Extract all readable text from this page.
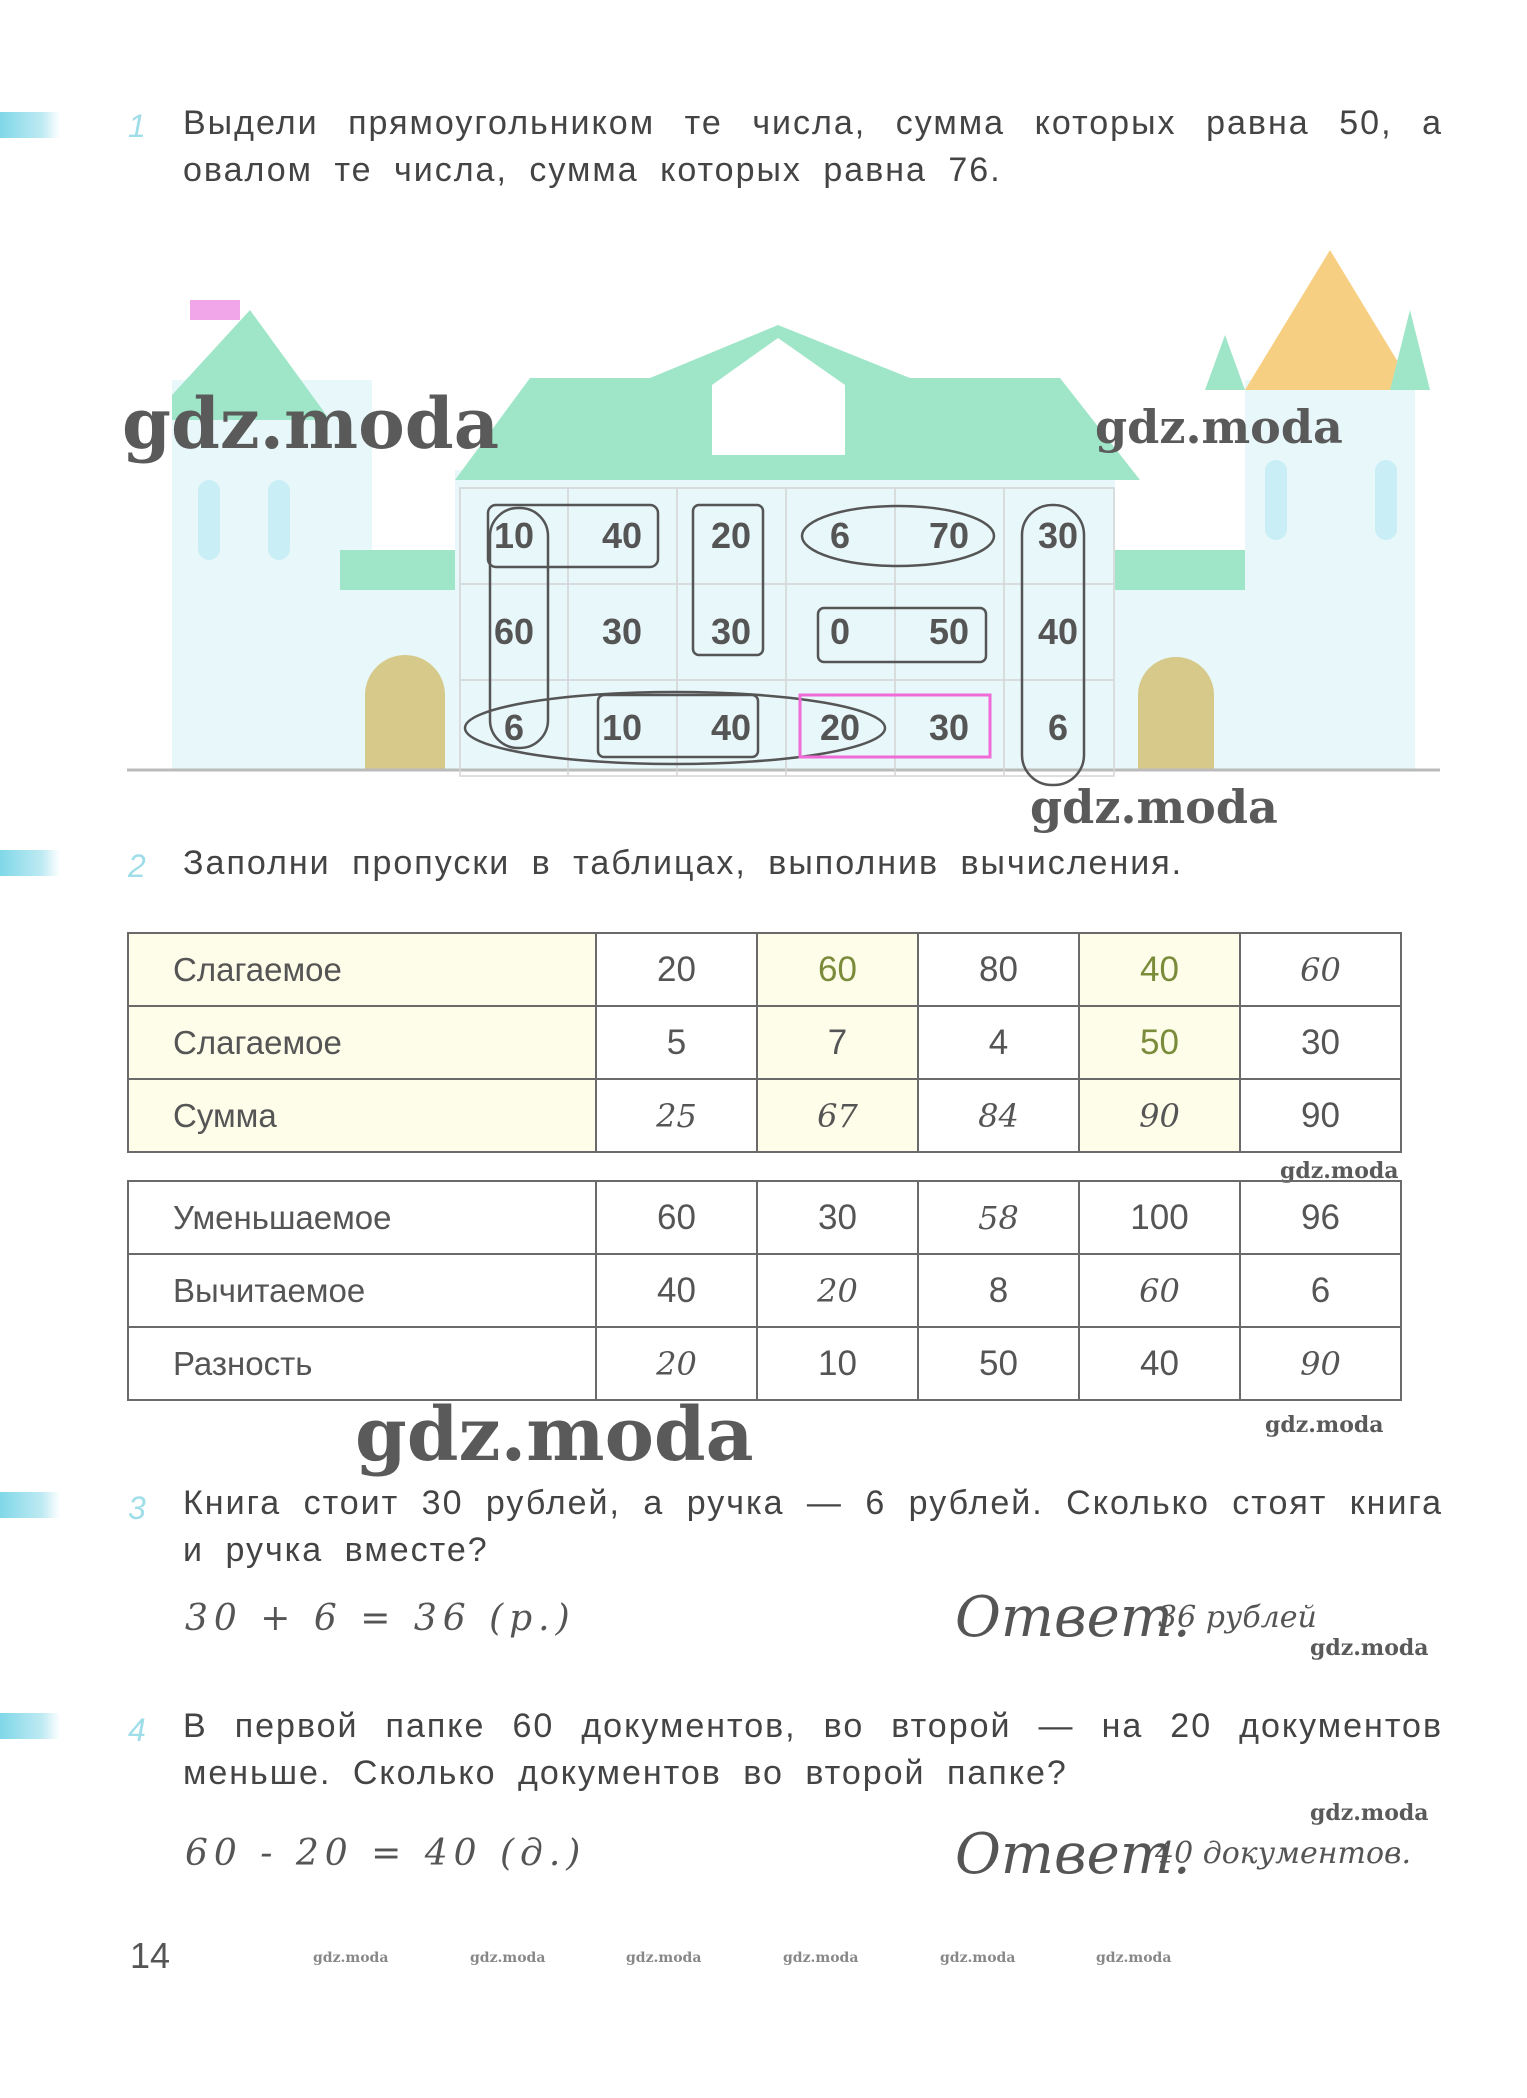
1 Выдели прямоугольником те числа, сумма которых равна 50, а овалом те числа, сумма которых равна 76.
10	40	20	6	70	30
60	30	30	0	50	40
6	10	40	20	30	6
gdz.moda	gdz.moda
gdz.moda
2 Заполни пропуски в таблицах, выполнив вычисления.
Слагаемое	20	60	80	40	60
Слагаемое	5	7	4	50	30
Сумма	25	67	84	90	90
gdz.moda
Уменьшаемое	60	30	58	100	96
Вычитаемое	40	20	8	60	6
Разность	20	10	50	40	90
gdz.moda	gdz.moda
3 Книга стоит 30 рублей, а ручка — 6 рублей. Сколько стоят книга и ручка вместе?
30 + 6 = 36 (р.)	Ответ.
36 рублей
gdz.moda
4 В первой папке 60 документов, во второй — на 20 документов меньше. Сколько документов во второй папке?
gdz.moda
60 - 20 = 40 (д.)	Ответ.
40 документов.
14	gdz.moda	gdz.moda	gdz.moda	gdz.moda	gdz.moda	gdz.moda
